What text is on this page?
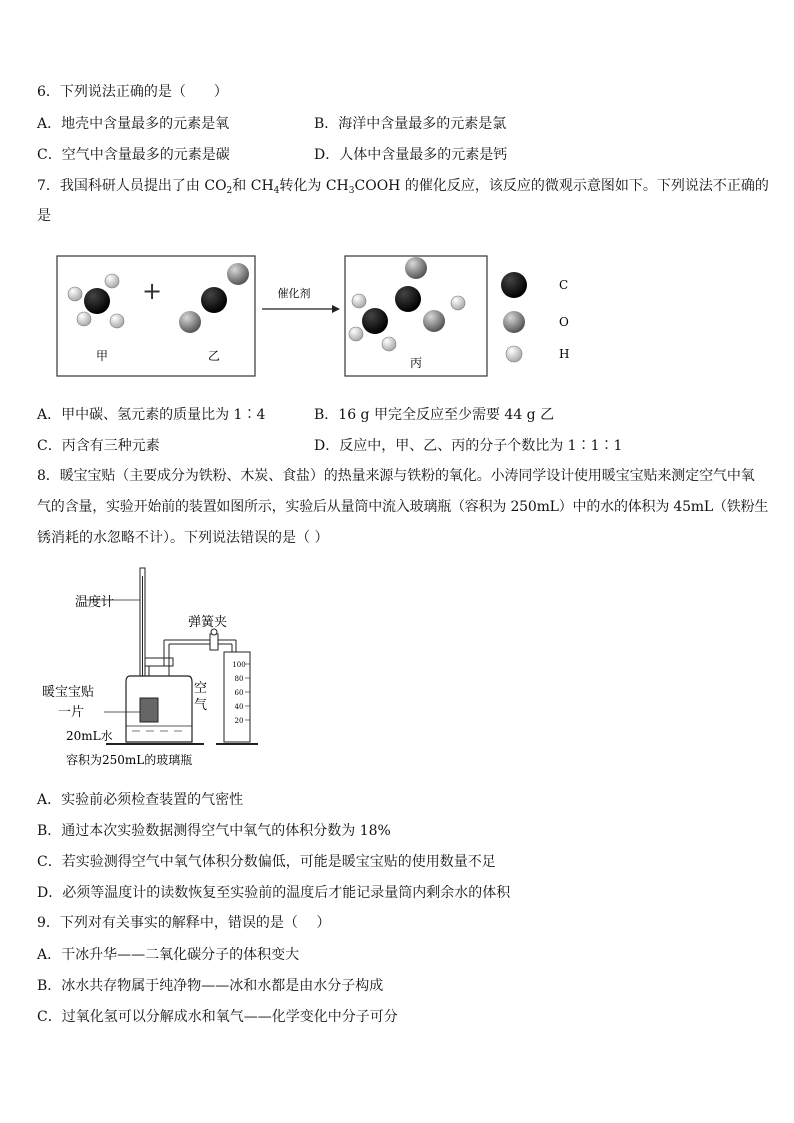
6．下列说法正确的是（　　）
A．地壳中含量最多的元素是氧	B．海洋中含量最多的元素是氯
C．空气中含量最多的元素是碳	D．人体中含量最多的元素是钙
7．我国科研人员提出了由 $CO_2$和 $CH_4$转化为 $CH_3COOH$ 的催化反应，该反应的微观示意图如下。下列说法不正确的
是
+
甲	乙
催化剂
丙
C
O
H
A．甲中碳、氢元素的质量比为 1∶4	B．16 g 甲完全反应至少需要 44 g 乙
C．丙含有三种元素	D．反应中，甲、乙、丙的分子个数比为 1∶1∶1
8．暖宝宝贴（主要成分为铁粉、木炭、食盐）的热量来源与铁粉的氧化。小涛同学设计使用暖宝宝贴来测定空气中氧
气的含量，实验开始前的装置如图所示，实验后从量筒中流入玻璃瓶（容积为 250mL）中的水的体积为 45mL（铁粉生
锈消耗的水忽略不计）。下列说法错误的是（ ）
温度计
暖宝宝贴
一片
空
气
20mL水
容积为250mL的玻璃瓶
弹簧夹
100
80
60
40
20
A．实验前必须检查装置的气密性
B．通过本次实验数据测得空气中氧气的体积分数为 18%
C．若实验测得空气中氧气体积分数偏低，可能是暖宝宝贴的使用数量不足
D．必须等温度计的读数恢复至实验前的温度后才能记录量筒内剩余水的体积
9．下列对有关事实的解释中，错误的是（　 ）
A．干冰升华——二氧化碳分子的体积变大
B．冰水共存物属于纯净物——冰和水都是由水分子构成
C．过氧化氢可以分解成水和氧气——化学变化中分子可分
